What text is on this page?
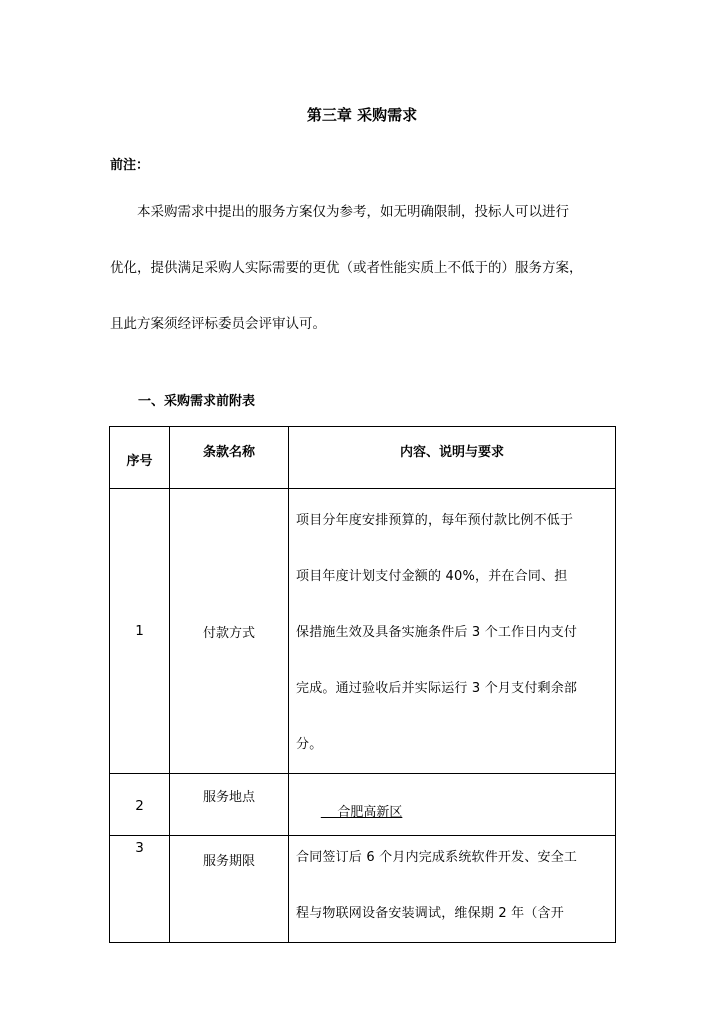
第三章 采购需求
前注：
本采购需求中提出的服务方案仅为参考，如无明确限制，投标人可以进行
优化，提供满足采购人实际需要的更优（或者性能实质上不低于的）服务方案，
且此方案须经评标委员会评审认可。
一、采购需求前附表
序号	条款名称	内容、说明与要求
1	付款方式	项目分年度安排预算的，每年预付款比例不低于
项目年度计划支付金额的 40%，并在合同、担
保措施生效及具备实施条件后 3 个工作日内支付
完成。通过验收后并实际运行 3 个月支付剩余部
分。

2	服务地点	合肥高新区

3	服务期限	合同签订后 6 个月内完成系统软件开发、安全工
程与物联网设备安装调试，维保期 2 年（含开
